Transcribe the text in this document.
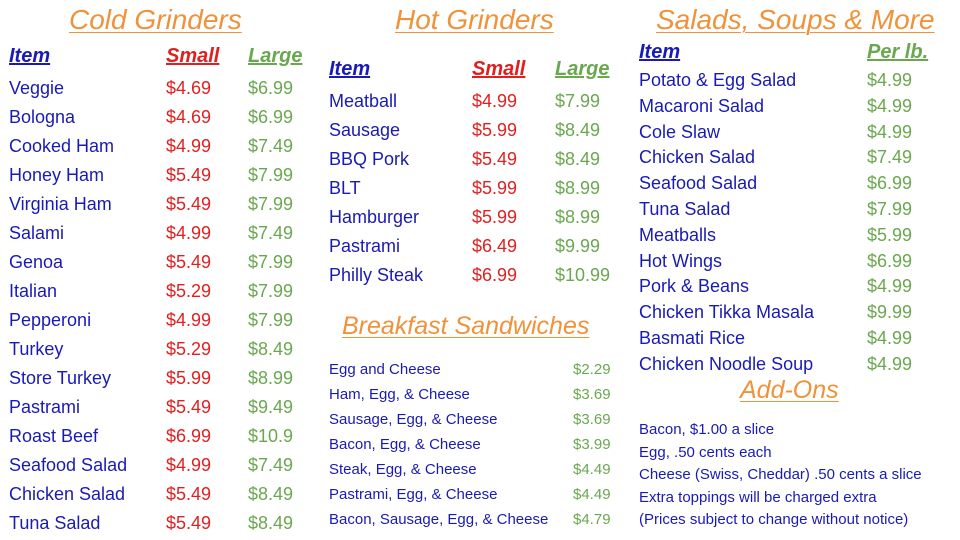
Cold Grinders
Item	Small Large
Veggie	$4.69 $6.99
Bologna	$4.69 $6.99
Cooked Ham	$4.99 $7.49
Honey Ham	$5.49 $7.99
Virginia Ham	$5.49 $7.99
Salami	$4.99 $7.49
Genoa	$5.49 $7.99
Italian	$5.29 $7.99
Pepperoni	$4.99 $7.99
Turkey	$5.29 $8.49
Store Turkey	$5.99 $8.99
Pastrami	$5.49 $9.49
Roast Beef	$6.99 $10.9
Seafood Salad $4.99 $7.49
Chicken Salad $5.49 $8.49
Tuna Salad	$5.49 $8.49
Hot Grinders
Item	Small Large
Meatball	$4.99 $7.99
Sausage	$5.99 $8.49
BBQ Pork	$5.49 $8.49
BLT	$5.99 $8.99
Hamburger	$5.99 $8.99
Pastrami	$6.49 $9.99
Philly Steak	$6.99 $10.99
Breakfast Sandwiches
Egg and Cheese	$2.29
Ham, Egg, & Cheese	$3.69
Sausage, Egg, & Cheese	$3.69
Bacon, Egg, & Cheese	$3.99
Steak, Egg, & Cheese	$4.49
Pastrami, Egg, & Cheese	$4.49
Bacon, Sausage, Egg, & Cheese $4.79
Salads, Soups & More
Item	Per lb.
Potato & Egg Salad	$4.99
Macaroni Salad	$4.99
Cole Slaw	$4.99
Chicken Salad	$7.49
Seafood Salad	$6.99
Tuna Salad	$7.99
Meatballs	$5.99
Hot Wings	$6.99
Pork & Beans	$4.99
Chicken Tikka Masala	$9.99
Basmati Rice	$4.99
Chicken Noodle Soup	$4.99
Add-Ons
Bacon, $1.00 a slice
Egg, .50 cents each
Cheese (Swiss, Cheddar) .50 cents a slice
Extra toppings will be charged extra
(Prices subject to change without notice)
